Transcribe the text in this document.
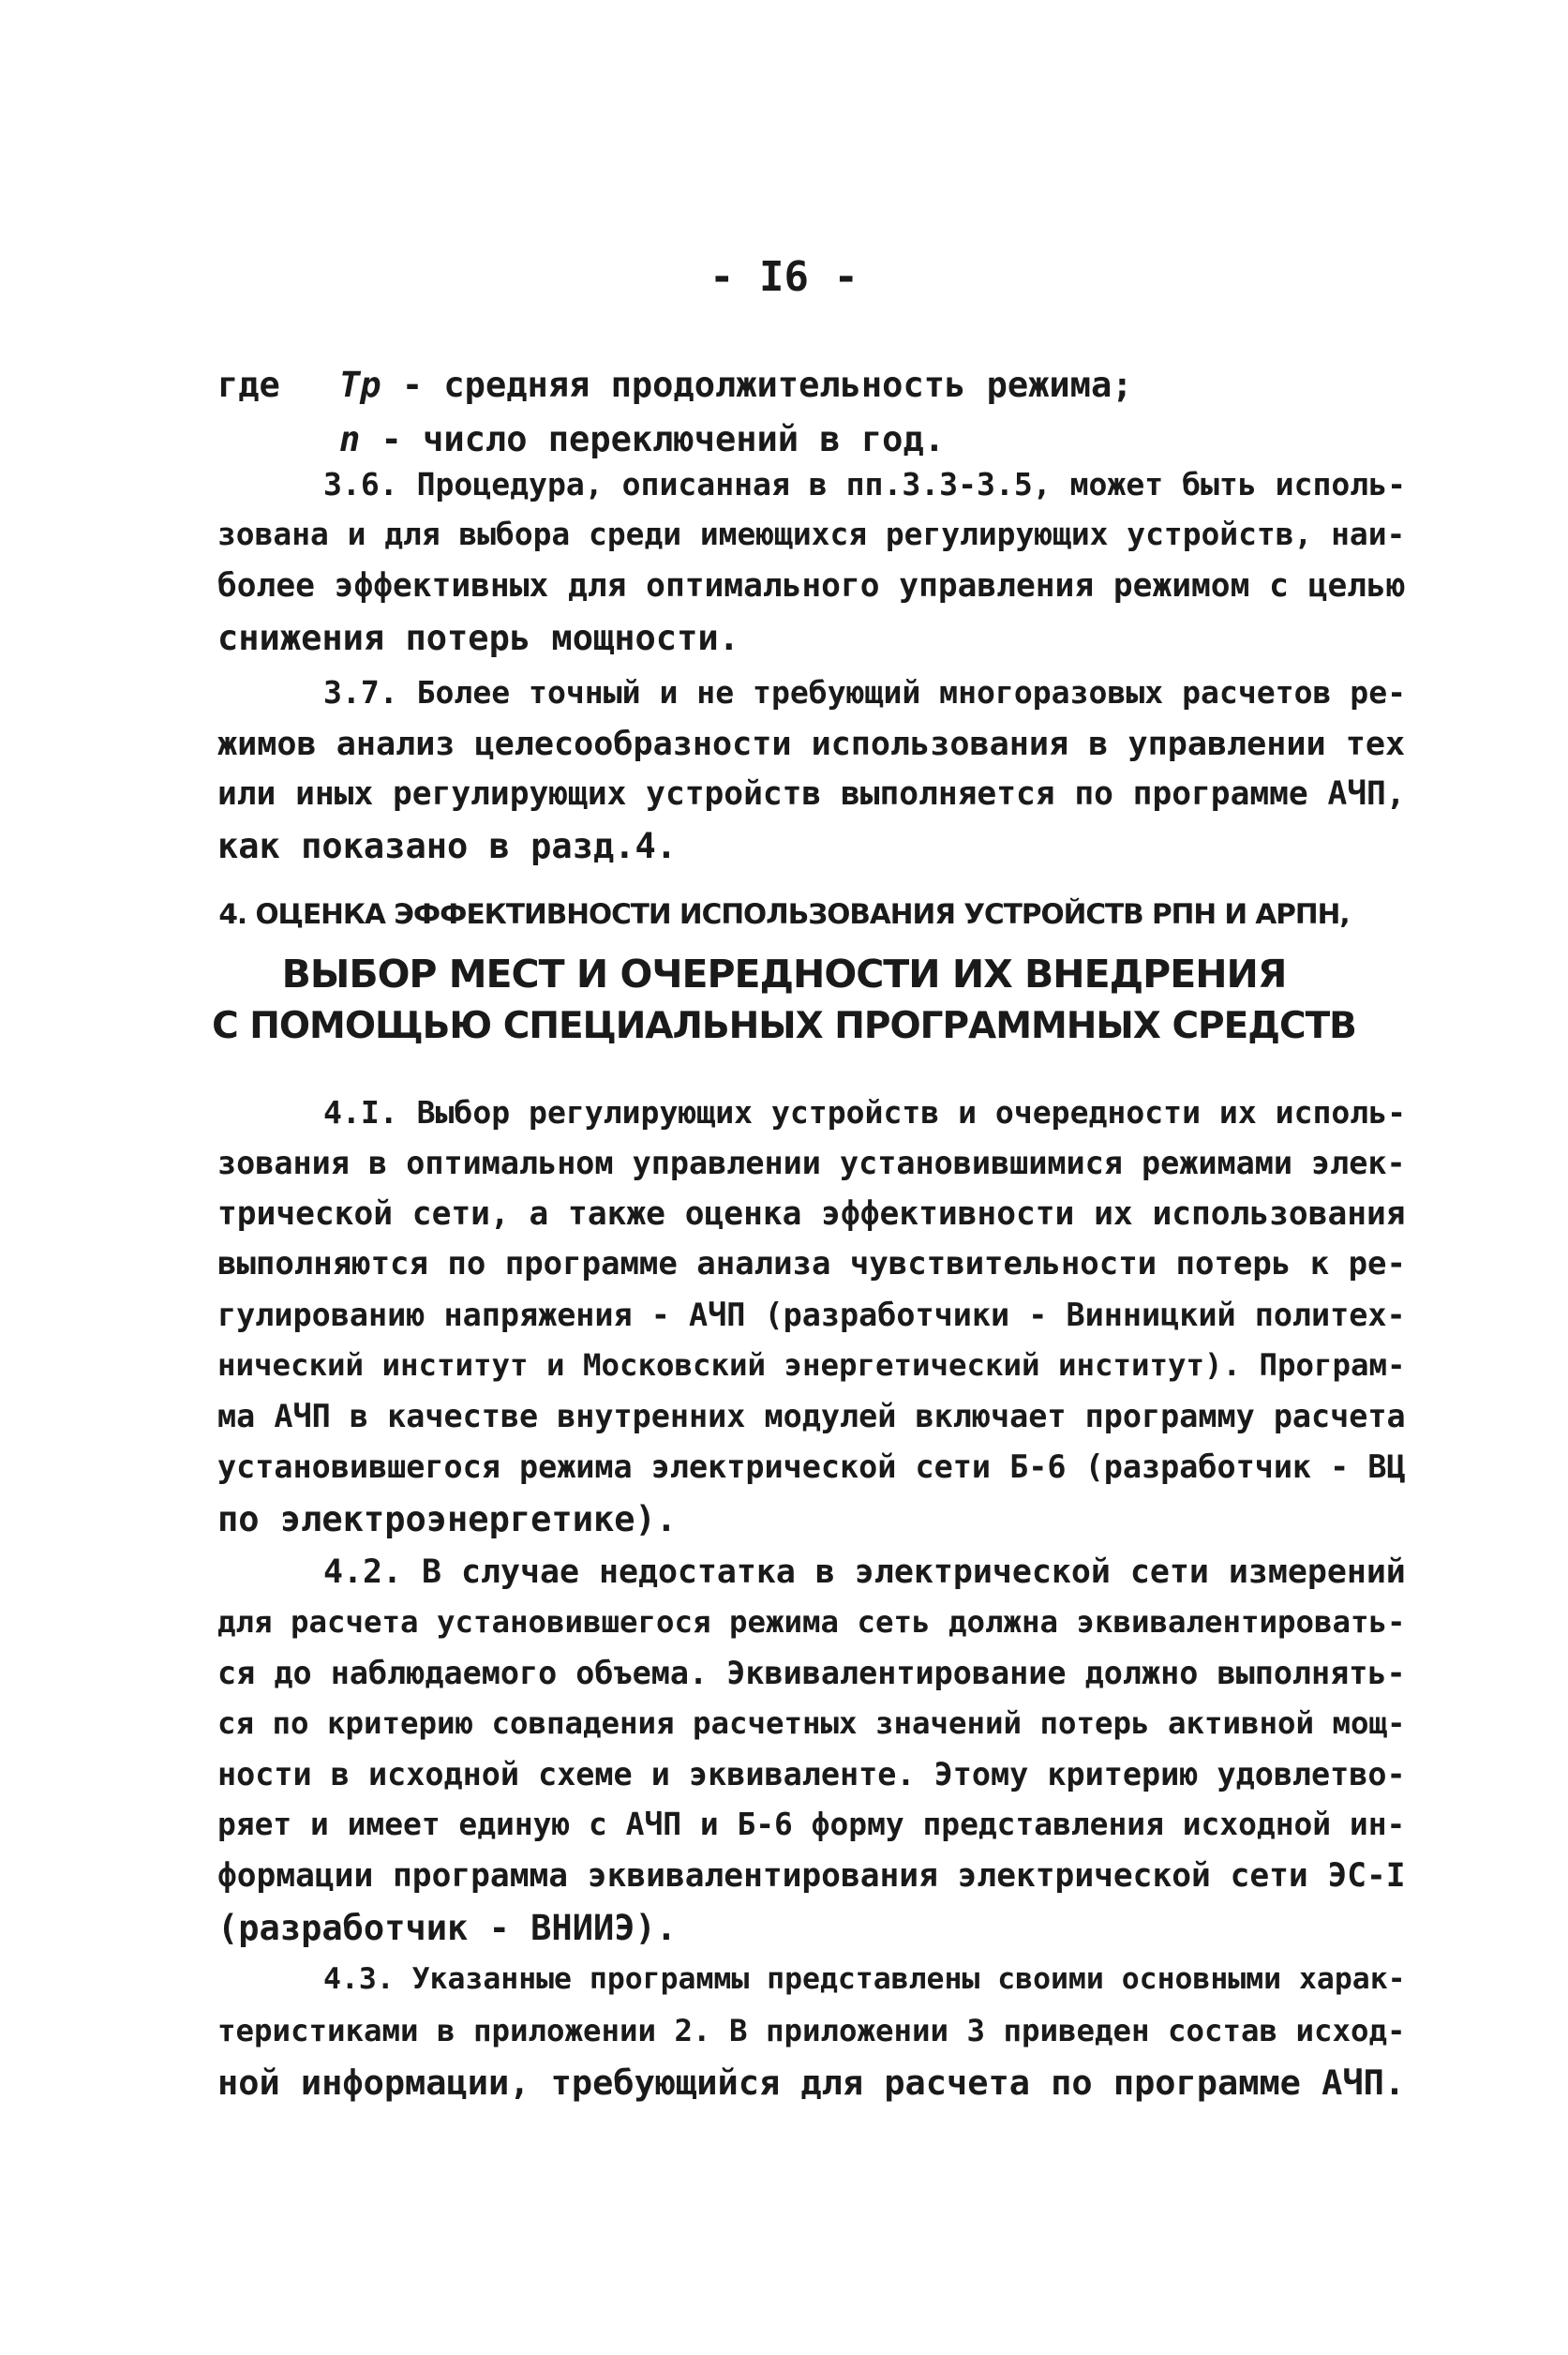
- I6 -
где Tр - средняя продолжительность режима;
n - число переключений в год.
3.6. Процедура, описанная в пп.3.3-3.5, может быть исполь-
зована и для выбора среди имеющихся регулирующих устройств, наи-
более эффективных для оптимального управления режимом с целью
снижения потерь мощности.
3.7. Более точный и не требующий многоразовых расчетов ре-
жимов анализ целесообразности использования в управлении тех
или иных регулирующих устройств выполняется по программе АЧП,
как показано в разд.4.
4. ОЦЕНКА ЭФФЕКТИВНОСТИ ИСПОЛЬЗОВАНИЯ УСТРОЙСТВ РПН И АРПН,
ВЫБОР МЕСТ И ОЧЕРЕДНОСТИ ИХ ВНЕДРЕНИЯ
С ПОМОЩЬЮ СПЕЦИАЛЬНЫХ ПРОГРАММНЫХ СРЕДСТВ
4.I. Выбор регулирующих устройств и очередности их исполь-
зования в оптимальном управлении установившимися режимами элек-
трической сети, а также оценка эффективности их использования
выполняются по программе анализа чувствительности потерь к ре-
гулированию напряжения - АЧП (разработчики - Винницкий политех-
нический институт и Московский энергетический институт). Програм-
ма АЧП в качестве внутренних модулей включает программу расчета
установившегося режима электрической сети Б-6 (разработчик - ВЦ
по электроэнергетике).
4.2. В случае недостатка в электрической сети измерений
для расчета установившегося режима сеть должна эквивалентировать-
ся до наблюдаемого объема. Эквивалентирование должно выполнять-
ся по критерию совпадения расчетных значений потерь активной мощ-
ности в исходной схеме и эквиваленте. Этому критерию удовлетво-
ряет и имеет единую с АЧП и Б-6 форму представления исходной ин-
формации программа эквивалентирования электрической сети ЭС-I
(разработчик - ВНИИЭ).
4.3. Указанные программы представлены своими основными харак-
теристиками в приложении 2. В приложении 3 приведен состав исход-
ной информации, требующийся для расчета по программе АЧП.
